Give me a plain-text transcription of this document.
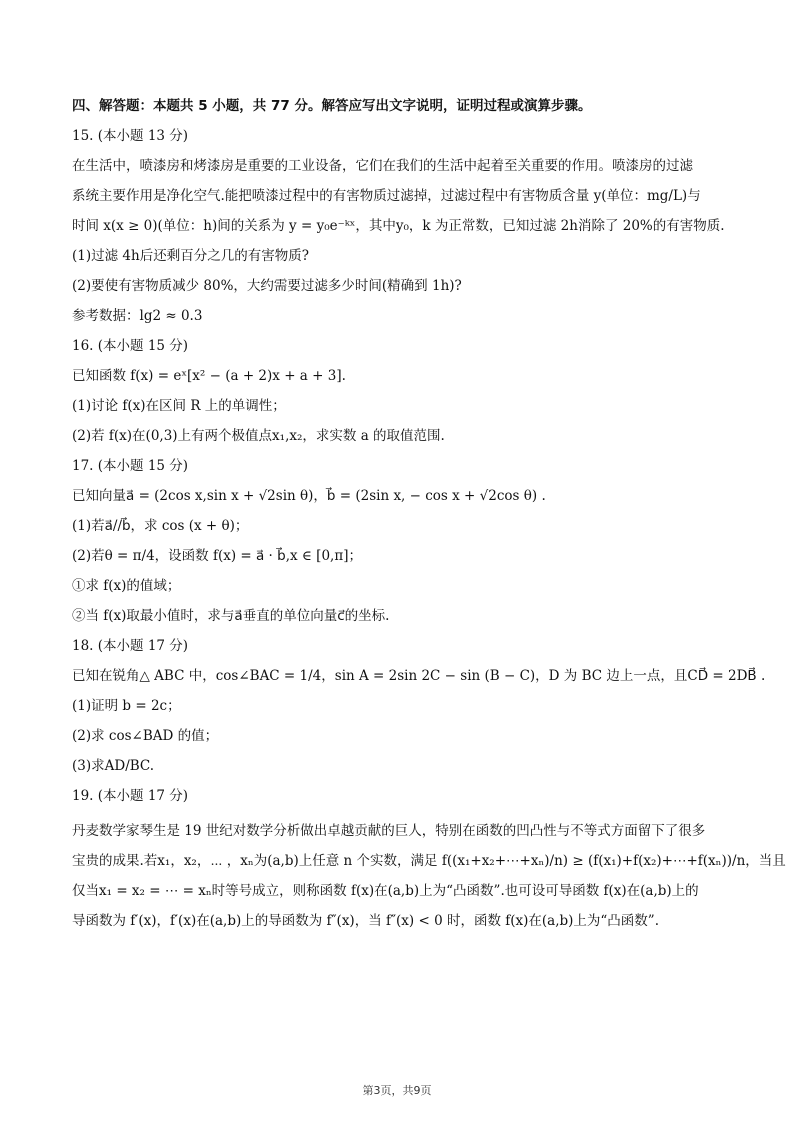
四、解答题：本题共 5 小题，共 77 分。解答应写出文字说明，证明过程或演算步骤。
15. (本小题 13 分)
在生活中，喷漆房和烤漆房是重要的工业设备，它们在我们的生活中起着至关重要的作用。喷漆房的过滤
系统主要作用是净化空气.能把喷漆过程中的有害物质过滤掉，过滤过程中有害物质含量 y(单位：mg/L)与
时间 x(x ≥ 0)(单位：h)间的关系为 y = y₀e⁻ᵏˣ，其中y₀，k 为正常数，已知过滤 2h消除了 20%的有害物质.
(1)过滤 4h后还剩百分之几的有害物质?
(2)要使有害物质减少 80%，大约需要过滤多少时间(精确到 1h)?
参考数据：lg2 ≈ 0.3
16. (本小题 15 分)
已知函数 f(x) = eˣ[x² − (a + 2)x + a + 3].
(1)讨论 f(x)在区间 R 上的单调性；
(2)若 f(x)在(0,3)上有两个极值点x₁,x₂，求实数 a 的取值范围.
17. (本小题 15 分)
已知向量a⃗ = (2cos x,sin x + √2sin θ)，b⃗ = (2sin x, − cos x + √2cos θ) .
(1)若a⃗//b⃗，求 cos (x + θ)；
(2)若θ = π/4，设函数 f(x) = a⃗ · b⃗,x ∈ [0,π]；
①求 f(x)的值域；
②当 f(x)取最小值时，求与a⃗垂直的单位向量c⃗的坐标.
18. (本小题 17 分)
已知在锐角△ ABC 中，cos∠BAC = 1/4，sin A = 2sin 2C − sin (B − C)，D 为 BC 边上一点，且CD⃗ = 2DB⃗ .
(1)证明 b = 2c；
(2)求 cos∠BAD 的值；
(3)求AD/BC.
19. (本小题 17 分)
丹麦数学家琴生是 19 世纪对数学分析做出卓越贡献的巨人，特别在函数的凹凸性与不等式方面留下了很多
宝贵的成果.若x₁，x₂，⋯ ，xₙ为(a,b)上任意 n 个实数，满足 f((x₁+x₂+⋯+xₙ)/n) ≥ (f(x₁)+f(x₂)+⋯+f(xₙ))/n，当且
仅当x₁ = x₂ = ⋯ = xₙ时等号成立，则称函数 f(x)在(a,b)上为“凸函数”.也可设可导函数 f(x)在(a,b)上的
导函数为 f′(x)，f′(x)在(a,b)上的导函数为 f″(x)，当 f″(x) < 0 时，函数 f(x)在(a,b)上为“凸函数”.
第3页，共9页
